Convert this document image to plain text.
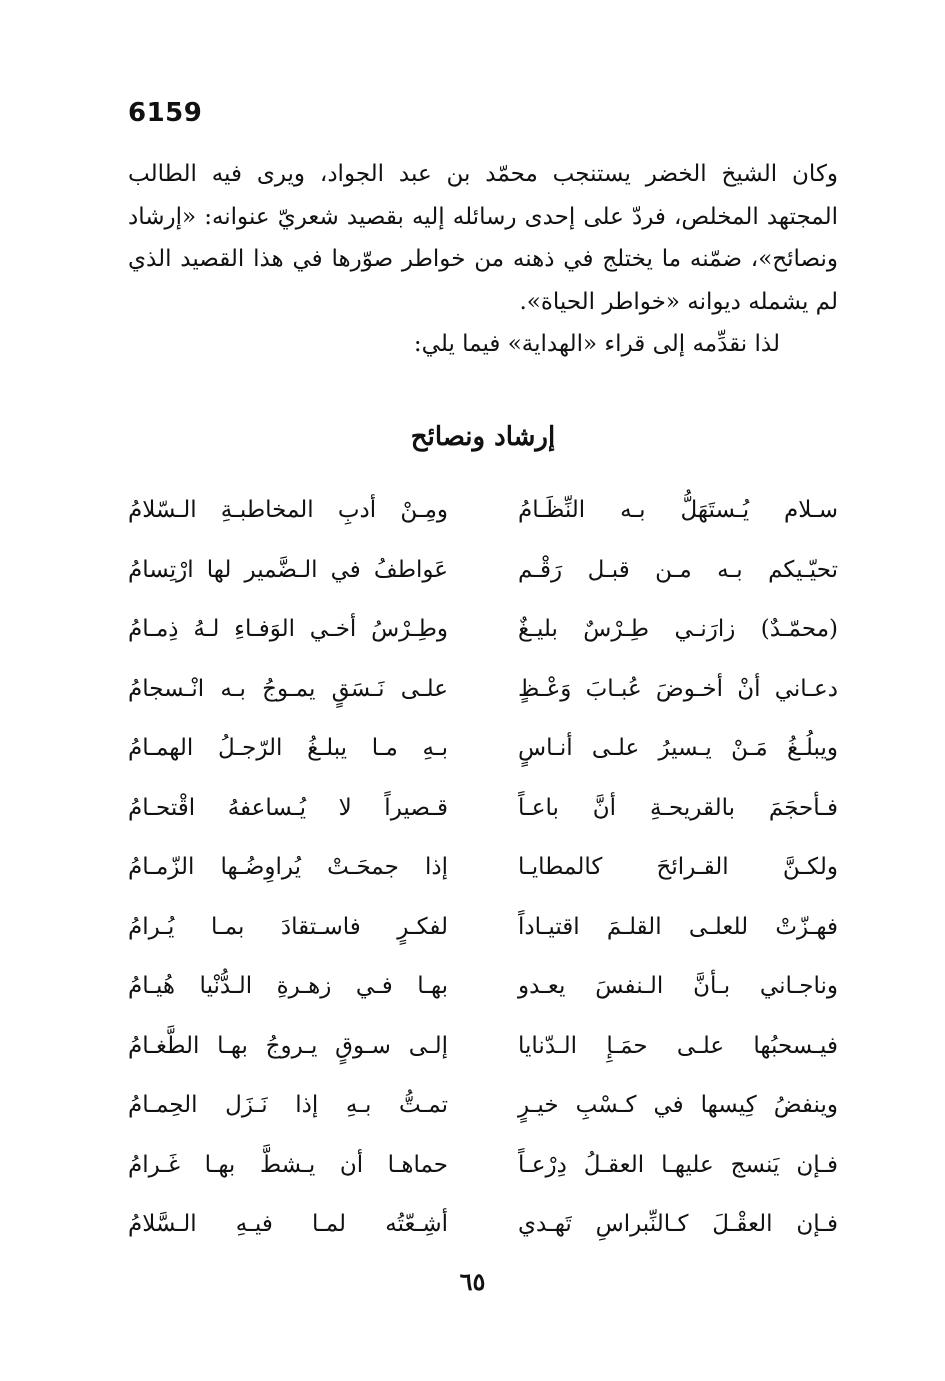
6159

وكان الشيخ الخضر يستنجب محمّد بن عبد الجواد، ويرى فيه الطالب المجتهد المخلص، فردّ على إحدى رسائله إليه بقصيد شعريّ عنوانه: «إرشاد ونصائح»، ضمّنه ما يختلج في ذهنه من خواطر صوّرها في هذا القصيد الذي لم يشمله ديوانه «خواطر الحياة».

لذا نقدِّمه إلى قراء «الهداية» فيما يلي:

إرشاد ونصائح
سـلام يُـستَهَلُّ بـه النِّظَـامُ
ومِـنْ أدبِ المخاطبـةِ الـسّلامُ
تحيّـيكم بـه مـن قبـل رَقْـم
عَواطفُ في الـضَّمير لها ارْتِسامُ
(محمّـدٌ) زارَنـي طِـرْسٌ بليـغٌ
وطِـرْسُ أخـي الوَفـاءِ لـهُ ذِمـامُ
دعـاني أنْ أخـوضَ عُبـابَ وَعْـظٍ
علـى نَـسَقٍ يمـوجُ بـه انْـسجامُ
ويبلُـغُ مَـنْ يـسيرُ علـى أنـاسٍ
بـهِ مـا يبلـغُ الرّجـلُ الهمـامُ
فـأحجَمَ بالقريحـةِ أنَّ باعـاً
قـصيراً لا يُـساعفهُ اقْتحـامُ
ولكـنَّ القـرائحَ كالمطايـا
إذا جمحَـتْ يُراوِضُـها الزّمـامُ
فهـزّتْ للعلـى القلـمَ اقتيـاداً
لفكـرٍ فاسـتقادَ بمـا يُـرامُ
وناجـاني بـأنَّ الـنفسَ يعـدو
بهـا فـي زهـرةِ الـدُّنْيا هُيـامُ
فيـسحبُها علـى حمَـإِ الـدّنايا
إلـى سـوقٍ يـروجُ بهـا الطَّغـامُ
وينفضُ كِيسها في كـسْبِ خيـرٍ
تمـتُّ بـهِ إذا نَـزَل الحِمـامُ
فـإن يَنسج عليهـا العقـلُ دِرْعـاً
حماهـا أن يـشطَّ بهـا غَـرامُ
فـإن العقْـلَ كـالنِّبراسِ تَهـدي
أشِـعّتُه لمـا فيـهِ الـسَّلامُ
٦٥
